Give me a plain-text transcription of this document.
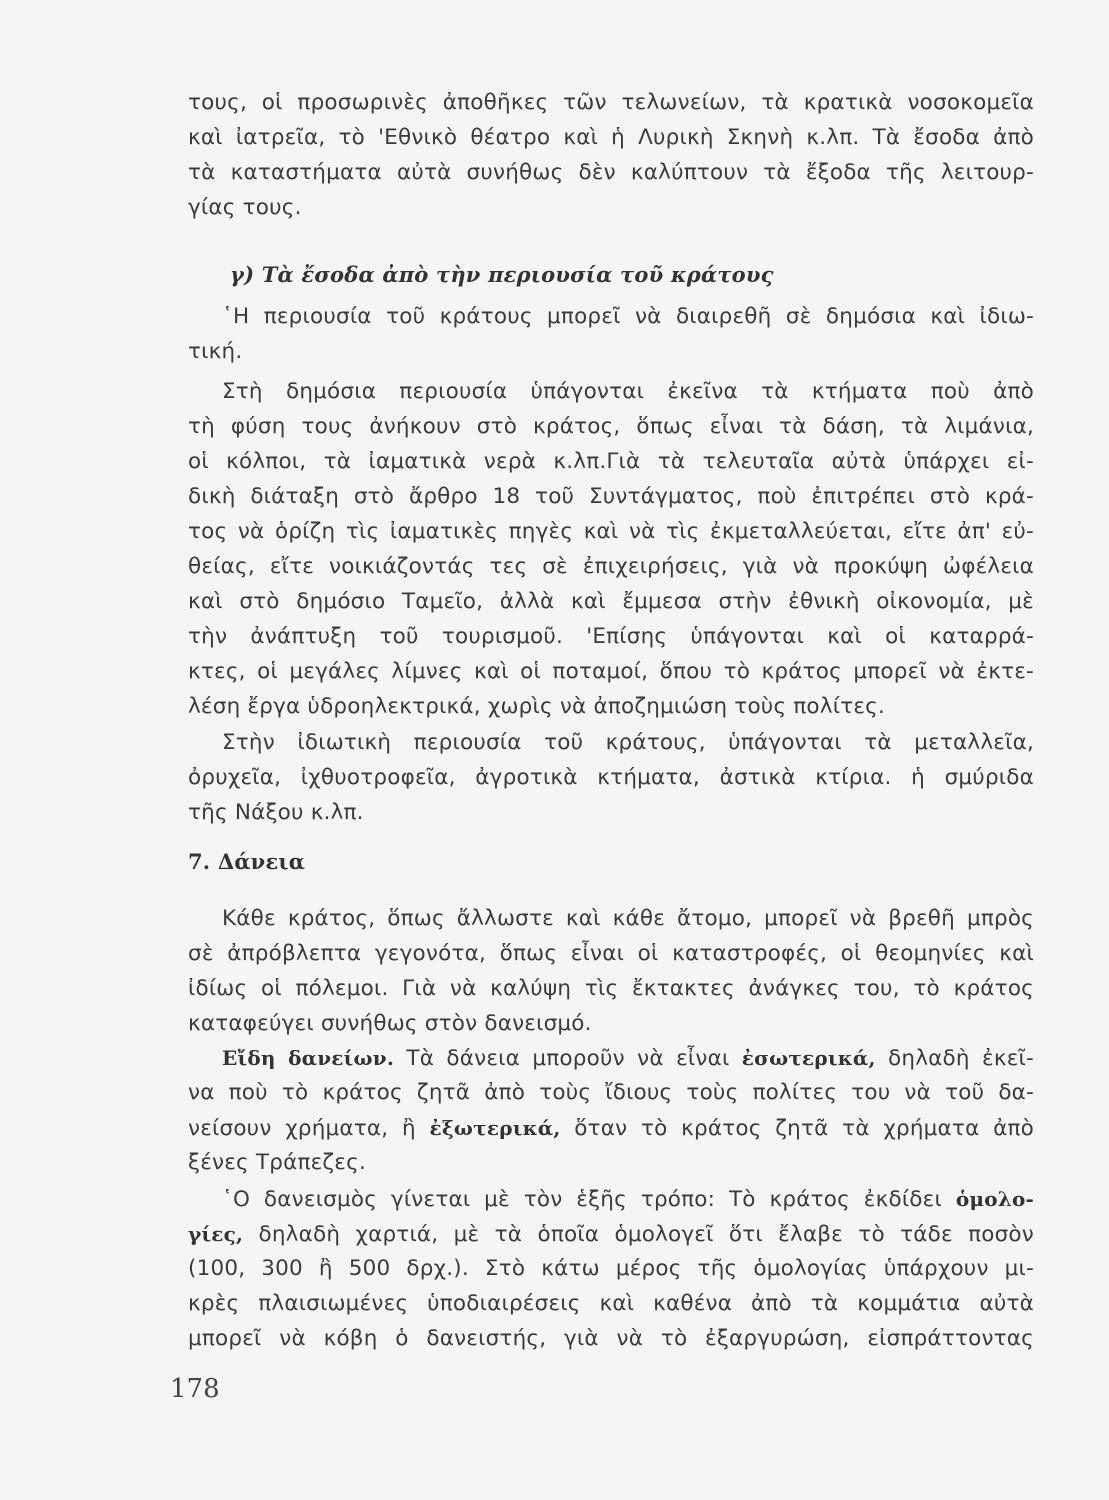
τους, οἱ προσωρινὲς ἀποθῆκες τῶν τελωνείων, τὰ κρατικὰ νοσοκομεῖα
καὶ ἰατρεῖα, τὸ 'Εθνικὸ θέατρο καὶ ἡ Λυρικὴ Σκηνὴ κ.λπ. Τὰ ἔσοδα ἀπὸ
τὰ καταστήματα αὐτὰ συνήθως δὲν καλύπτουν τὰ ἔξοδα τῆς λειτουρ-
γίας τους.
γ) Τὰ ἔσοδα ἀπὸ τὴν περιουσία τοῦ κράτους
῾Η περιουσία τοῦ κράτους μπορεῖ νὰ διαιρεθῆ σὲ δημόσια καὶ ἰδιω-
τική.
Στὴ δημόσια περιουσία ὑπάγονται ἐκεῖνα τὰ κτήματα ποὺ ἀπὸ
τὴ φύση τους ἀνήκουν στὸ κράτος, ὅπως εἶναι τὰ δάση, τὰ λιμάνια,
οἱ κόλποι, τὰ ἰαματικὰ νερὰ κ.λπ.Γιὰ τὰ τελευταῖα αὐτὰ ὑπάρχει εἰ-
δικὴ διάταξη στὸ ἄρθρο 18 τοῦ Συντάγματος, ποὺ ἐπιτρέπει στὸ κρά-
τος νὰ ὁρίζη τὶς ἰαματικὲς πηγὲς καὶ νὰ τὶς ἐκμεταλλεύεται, εἴτε ἀπ' εὐ-
θείας, εἴτε νοικιάζοντάς τες σὲ ἐπιχειρήσεις, γιὰ νὰ προκύψη ὠφέλεια
καὶ στὸ δημόσιο Ταμεῖο, ἀλλὰ καὶ ἔμμεσα στὴν ἐθνικὴ οἰκονομία, μὲ
τὴν ἀνάπτυξη τοῦ τουρισμοῦ. 'Επίσης ὑπάγονται καὶ οἱ καταρρά-
κτες, οἱ μεγάλες λίμνες καὶ οἱ ποταμοί, ὅπου τὸ κράτος μπορεῖ νὰ ἐκτε-
λέση ἔργα ὑδροηλεκτρικά, χωρὶς νὰ ἀποζημιώση τοὺς πολίτες.
Στὴν ἰδιωτικὴ περιουσία τοῦ κράτους, ὑπάγονται τὰ μεταλλεῖα,
ὀρυχεῖα, ἰχθυοτροφεῖα, ἀγροτικὰ κτήματα, ἀστικὰ κτίρια. ἡ σμύριδα
τῆς Νάξου κ.λπ.
7. Δάνεια
Κάθε κράτος, ὅπως ἄλλωστε καὶ κάθε ἄτομο, μπορεῖ νὰ βρεθῆ μπρὸς
σὲ ἀπρόβλεπτα γεγονότα, ὅπως εἶναι οἱ καταστροφές, οἱ θεομηνίες καὶ
ἰδίως οἱ πόλεμοι. Γιὰ νὰ καλύψη τὶς ἔκτακτες ἀνάγκες του, τὸ κράτος
καταφεύγει συνήθως στὸν δανεισμό.
Εἴδη δανείων. Τὰ δάνεια μποροῦν νὰ εἶναι ἐσωτερικά, δηλαδὴ ἐκεῖ-
να ποὺ τὸ κράτος ζητᾶ ἀπὸ τοὺς ἴδιους τοὺς πολίτες του νὰ τοῦ δα-
νείσουν χρήματα, ἢ ἐξωτερικά, ὅταν τὸ κράτος ζητᾶ τὰ χρήματα ἀπὸ
ξένες Τράπεζες.
῾Ο δανεισμὸς γίνεται μὲ τὸν ἑξῆς τρόπο: Τὸ κράτος ἐκδίδει ὁμολο-
γίες, δηλαδὴ χαρτιά, μὲ τὰ ὁποῖα ὁμολογεῖ ὅτι ἔλαβε τὸ τάδε ποσὸν
(100, 300 ἢ 500 δρχ.). Στὸ κάτω μέρος τῆς ὁμολογίας ὑπάρχουν μι-
κρὲς πλαισιωμένες ὑποδιαιρέσεις καὶ καθένα ἀπὸ τὰ κομμάτια αὐτὰ
μπορεῖ νὰ κόβη ὁ δανειστής, γιὰ νὰ τὸ ἐξαργυρώση, εἰσπράττοντας
178
